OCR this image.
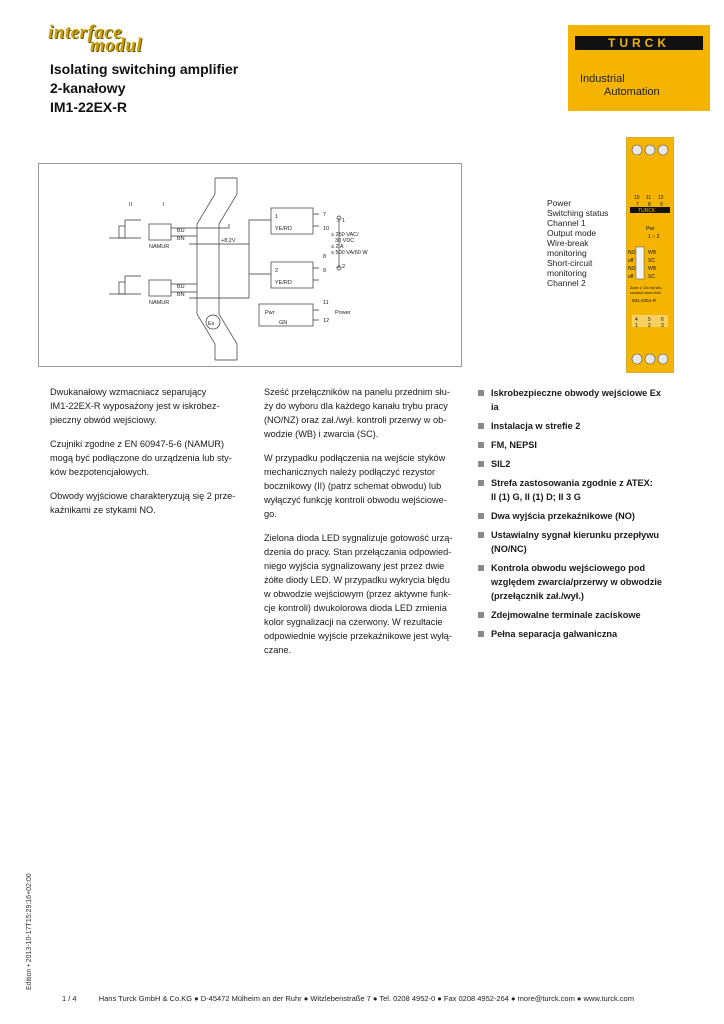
interface
modul	TURCK
Industrial
Automation
Isolating switching amplifier
2-kanałowy
IM1-22EX-R
II	I
BU
BN
NAMUR
BU
BN
NAMUR
+8,2V
1
YE/RD
2
YE/RD
Pwr
GN
7
10
8
9
11
12
≤ 250 VAC/
30 VDC
≤ 2 A
≤ 500 VA/60 W
→ 1
→ 2
Power
Ex
10 11 12
7 8 9
TURCK
Pwr
1 ○ 2
NO	WB
off	SC
NO	WB
off	SC
Zone 2: Do not dis-
connect when live!
IM1-22Ex-R
4 5 6
1 2 3
Power
Switching status
Channel 1
Output mode
Wire-break
monitoring
Short-circuit
monitoring
Channel 2

Dwukanałowy wzmacniacz separujący
IM1-22EX-R wyposażony jest w iskrobez-
pieczny obwód wejściowy.

Czujniki zgodne z EN 60947-5-6 (NAMUR)
mogą być podłączone do urządzenia lub sty-
ków bezpotencjałowych.

Obwody wyjściowe charakteryzują się 2 prze-
kaźnikami ze stykami NO.

Sześć przełączników na panelu przednim słu-
ży do wyboru dla każdego kanału trybu pracy
(NO/NZ) oraz zał./wył. kontroli przerwy w ob-
wodzie (WB) i zwarcia (SC).

W przypadku podłączenia na wejście styków
mechanicznych należy podłączyć rezystor
bocznikowy (II) (patrz schemat obwodu) lub
wyłączyć funkcję kontroli obwodu wejściowe-
go.

Zielona dioda LED sygnalizuje gotowość urzą-
dzenia do pracy. Stan przełączania odpowied-
niego wyjścia sygnalizowany jest przez dwie
żółte diody LED. W przypadku wykrycia błędu
w obwodzie wejściowym (przez aktywne funk-
cje kontroli) dwukolorowa dioda LED zmienia
kolor sygnalizacji na czerwony. W rezultacie
odpowiednie wyjście przekaźnikowe jest wyłą-
czane.

Iskrobezpieczne obwody wejściowe Ex
ia
Instalacja w strefie 2
FM, NEPSI
SIL2
Strefa zastosowania zgodnie z ATEX:
II (1) G, II (1) D; II 3 G
Dwa wyjścia przekaźnikowe (NO)
Ustawialny sygnał kierunku przepływu
(NO/NC)
Kontrola obwodu wejściowego pod
względem zwarcia/przerwy w obwodzie
(przełącznik zał./wył.)
Zdejmowalne terminale zaciskowe
Pełna separacja galwaniczna
Edition • 2013-10-17T15:29:16+02:00
1 / 4	Hans Turck GmbH & Co.KG ● D-45472 Mülheim an der Ruhr ● Witzlebenstraße 7 ● Tel. 0208 4952-0 ● Fax 0208 4952-264 ● more@turck.com ● www.turck.com
